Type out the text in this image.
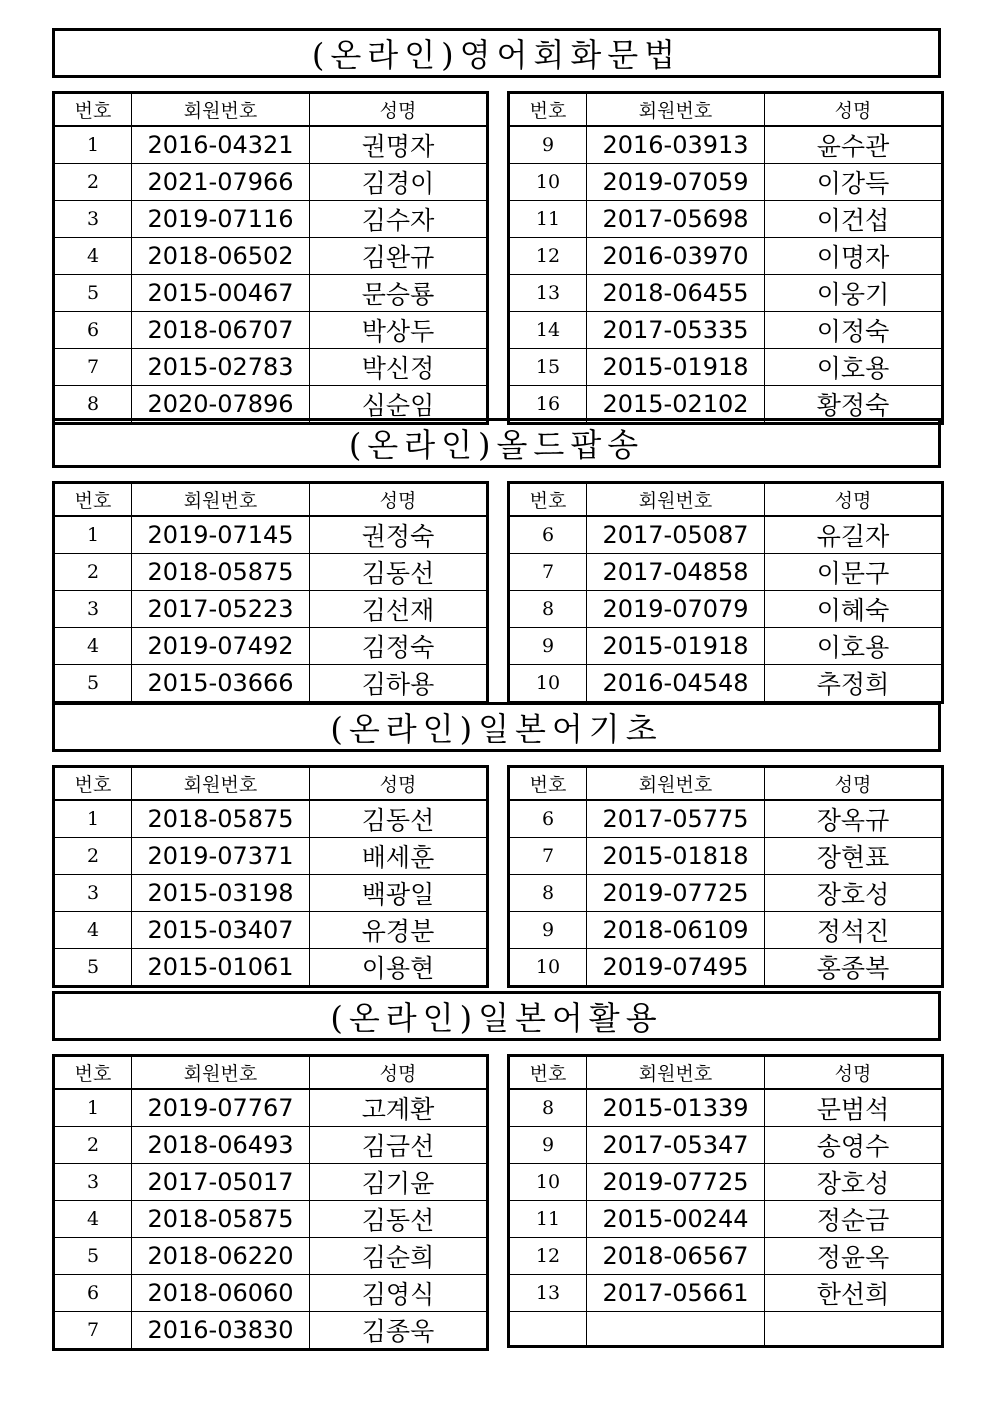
(온라인)영어회화문법
번호	회원번호	성명
1	2016-04321	권명자
2	2021-07966	김경이
3	2019-07116	김수자
4	2018-06502	김완규
5	2015-00467	문승룡
6	2018-06707	박상두
7	2015-02783	박신정
8	2020-07896	심순임
번호	회원번호	성명
9	2016-03913	윤수관
10	2019-07059	이강득
11	2017-05698	이건섭
12	2016-03970	이명자
13	2018-06455	이웅기
14	2017-05335	이정숙
15	2015-01918	이호용
16	2015-02102	황정숙
(온라인)올드팝송
번호	회원번호	성명
1	2019-07145	권정숙
2	2018-05875	김동선
3	2017-05223	김선재
4	2019-07492	김정숙
5	2015-03666	김하용
번호	회원번호	성명
6	2017-05087	유길자
7	2017-04858	이문구
8	2019-07079	이혜숙
9	2015-01918	이호용
10	2016-04548	추정희
(온라인)일본어기초
번호	회원번호	성명
1	2018-05875	김동선
2	2019-07371	배세훈
3	2015-03198	백광일
4	2015-03407	유경분
5	2015-01061	이용현
번호	회원번호	성명
6	2017-05775	장옥규
7	2015-01818	장현표
8	2019-07725	장호성
9	2018-06109	정석진
10	2019-07495	홍종복
(온라인)일본어활용
번호	회원번호	성명
1	2019-07767	고계환
2	2018-06493	김금선
3	2017-05017	김기윤
4	2018-05875	김동선
5	2018-06220	김순희
6	2018-06060	김영식
7	2016-03830	김종욱
번호	회원번호	성명
8	2015-01339	문범석
9	2017-05347	송영수
10	2019-07725	장호성
11	2015-00244	정순금
12	2018-06567	정윤옥
13	2017-05661	한선희
